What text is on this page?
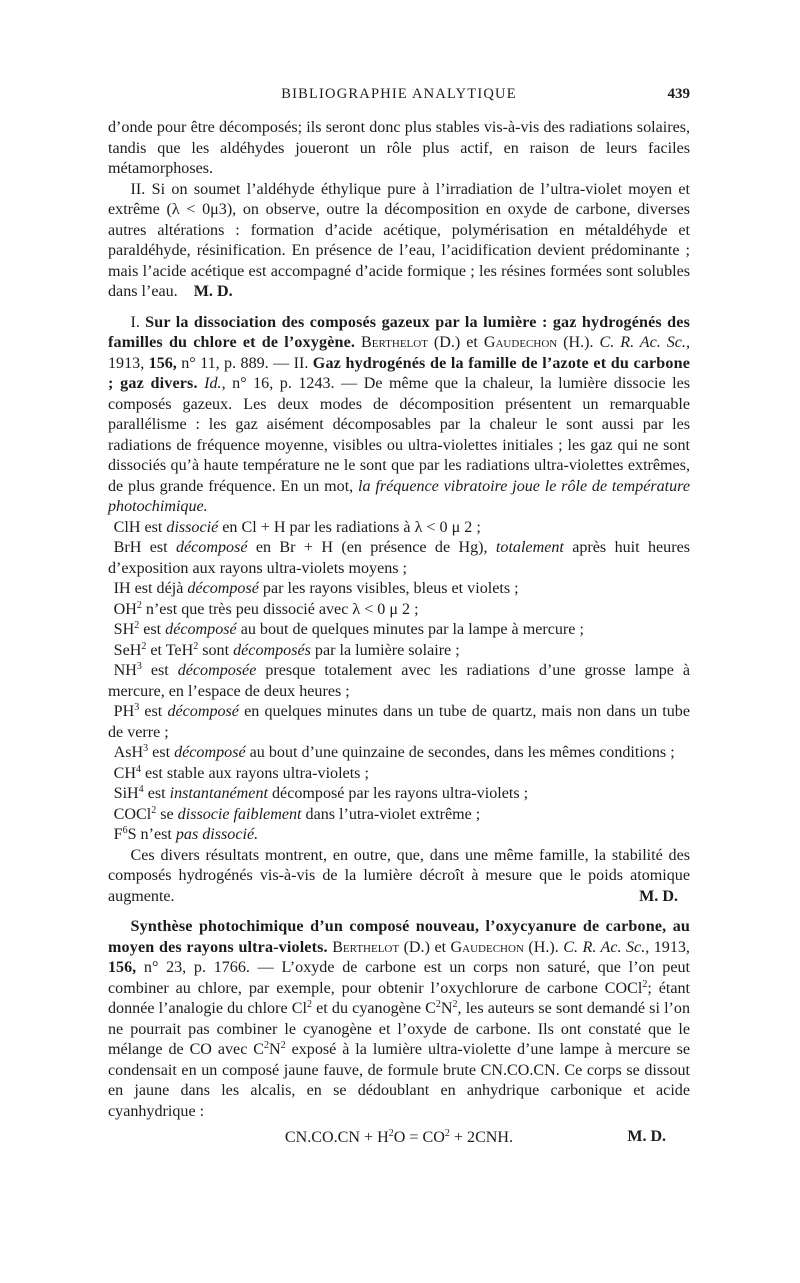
BIBLIOGRAPHIE ANALYTIQUE	439

d’onde pour être décomposés; ils seront donc plus stables vis-à-vis des radiations solaires, tandis que les aldéhydes joueront un rôle plus actif, en raison de leurs faciles métamorphoses.

II. Si on soumet l’aldéhyde éthylique pure à l’irradiation de l’ultra-violet moyen et extrême (λ < 0μ3), on observe, outre la décomposition en oxyde de carbone, diverses autres altérations : formation d’acide acétique, polymérisation en métaldéhyde et paraldéhyde, résinification. En présence de l’eau, l’acidification devient prédominante ; mais l’acide acétique est accompagné d’acide formique ; les résines formées sont solubles dans l’eau. M. D.

I. Sur la dissociation des composés gazeux par la lumière : gaz hydrogénés des familles du chlore et de l’oxygène. Berthelot (D.) et Gaudechon (H.). C. R. Ac. Sc., 1913, 156, n° 11, p. 889. — II. Gaz hydrogénés de la famille de l’azote et du carbone ; gaz divers. Id., n° 16, p. 1243. — De même que la chaleur, la lumière dissocie les composés gazeux. Les deux modes de décomposition présentent un remarquable parallélisme : les gaz aisément décomposables par la chaleur le sont aussi par les radiations de fréquence moyenne, visibles ou ultra-violettes initiales ; les gaz qui ne sont dissociés qu’à haute température ne le sont que par les radiations ultra-violettes extrêmes, de plus grande fréquence. En un mot, la fréquence vibratoire joue le rôle de température photochimique.

ClH est dissocié en Cl + H par les radiations à λ < 0 μ 2 ;

BrH est décomposé en Br + H (en présence de Hg), totalement après huit heures d’exposition aux rayons ultra-violets moyens ;

IH est déjà décomposé par les rayons visibles, bleus et violets ;

$OH^2$ n’est que très peu dissocié avec λ < 0 μ 2 ;

$SH^2$ est décomposé au bout de quelques minutes par la lampe à mercure ;

SeH$^2$ et TeH$^2$ sont décomposés par la lumière solaire ;

$NH^3$ est décomposée presque totalement avec les radiations d’une grosse lampe à mercure, en l’espace de deux heures ;

$PH^3$ est décomposé en quelques minutes dans un tube de quartz, mais non dans un tube de verre ;

AsH$^3$ est décomposé au bout d’une quinzaine de secondes, dans les mêmes conditions ;

$CH^4$ est stable aux rayons ultra-violets ;

SiH$^4$ est instantanément décomposé par les rayons ultra-violets ;

COCl$^2$ se dissocie faiblement dans l’utra-violet extrême ;

$F^6S$ n’est pas dissocié.

Ces divers résultats montrent, en outre, que, dans une même famille, la stabilité des composés hydrogénés vis-à-vis de la lumière décroît à mesure que le poids atomique augmente.	M. D.

Synthèse photochimique d’un composé nouveau, l’oxycyanure de carbone, au moyen des rayons ultra-violets. Berthelot (D.) et Gaudechon (H.). C. R. Ac. Sc., 1913, 156, n° 23, p. 1766. — L’oxyde de carbone est un corps non saturé, que l’on peut combiner au chlore, par exemple, pour obtenir l’oxychlorure de carbone COCl$^2$; étant donnée l’analogie du chlore Cl$^2$ et du cyanogène $C^2N^2$, les auteurs se sont demandé si l’on ne pourrait pas combiner le cyanogène et l’oxyde de carbone. Ils ont constaté que le mélange de CO avec $C^2N^2$ exposé à la lumière ultra-violette d’une lampe à mercure se condensait en un composé jaune fauve, de formule brute CN.CO.CN. Ce corps se dissout en jaune dans les alcalis, en se dédoublant en anhydrique carbonique et acide cyanhydrique :

$CN.CO.CN + H^2O = CO^2 + 2CNH$.	M. D.
